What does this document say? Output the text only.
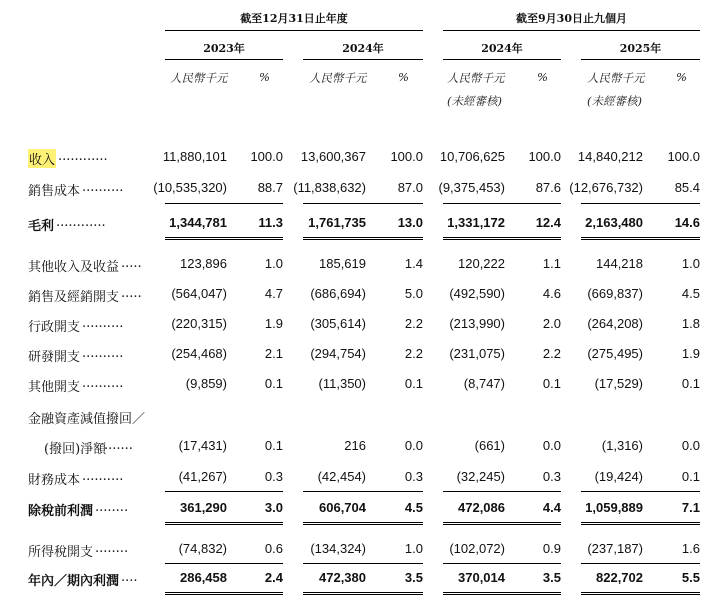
截至12月31日止年度	截至9月30日止九個月
2023年	2024年	2024年	2025年
人民幣千元	%	人民幣千元	%	人民幣千元	%	人民幣千元	%
(未經審核)	(未經審核)
收入 ............	11,880,101	100.0	13,600,367	100.0	10,706,625	100.0	14,840,212	100.0
銷售成本 ..........	(10,535,320)	88.7 (11,838,632)	87.0	(9,375,453)	87.6 (12,676,732)	85.4
毛利 ............	1,344,781	11.3	1,761,735	13.0	1,331,172	12.4	2,163,480	14.6
其他收入及收益 .....	123,896	1.0	185,619	1.4	120,222	1.1	144,218	1.0
銷售及經銷開支 .....	(564,047)	4.7	(686,694)	5.0	(492,590)	4.6	(669,837)	4.5
行政開支 ..........	(220,315)	1.9	(305,614)	2.2	(213,990)	2.0	(264,208)	1.8
研發開支 ..........	(254,468)	2.1	(294,754)	2.2	(231,075)	2.2	(275,495)	1.9
其他開支 ..........	(9,859)	0.1	(11,350)	0.1	(8,747)	0.1	(17,529)	0.1
金融資產減值撥回／
(撥回)淨額
.......	(17,431)	0.1	216	0.0	(661)	0.0	(1,316)	0.0
財務成本 ..........	(41,267)	0.3	(42,454)	0.3	(32,245)	0.3	(19,424)	0.1
除稅前利潤 ........	361,290	3.0	606,704	4.5	472,086	4.4	1,059,889	7.1
所得稅開支 ........	(74,832)	0.6	(134,324)	1.0	(102,072)	0.9	(237,187)	1.6
年內／期內利潤 ....	286,458	2.4	472,380	3.5	370,014	3.5	822,702	5.5
